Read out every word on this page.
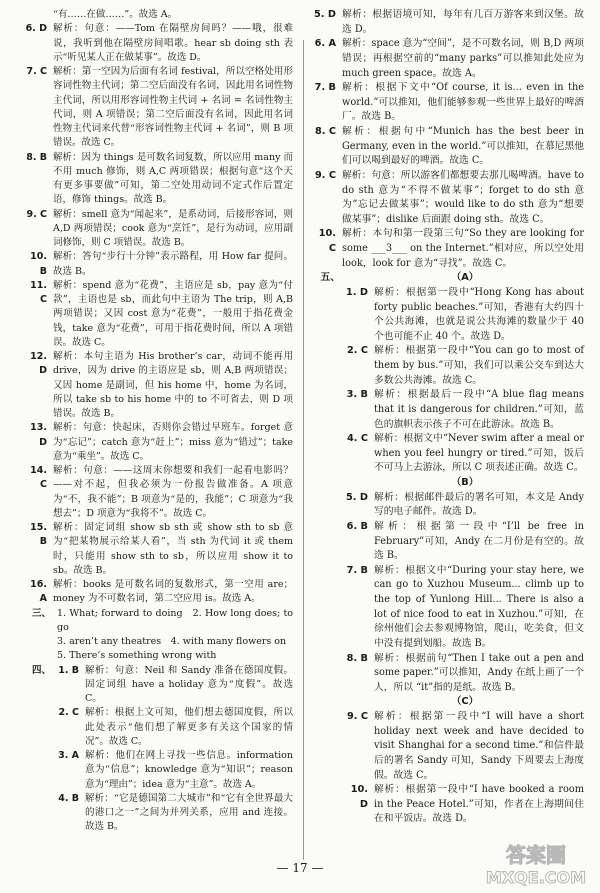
“有……在做……”。故选 A。
6. D 解析：句意：——Tom 在隔壁房间吗？——哦，很难说，我听到他在隔壁房间唱歌。hear sb doing sth 表示“听见某人正在做某事”。故选 D。
7. C 解析：第一空因为后面有名词 festival，所以空格处用形容词性物主代词；第二空后面没有名词，因此用名词性物主代词，所以用形容词性物主代词 + 名词 = 名词性物主代词，则 A 项错误；第二空后面没有名词，因此用名词性物主代词来代替“形容词性物主代词 + 名词”，则 B 项错误。故选 C。
8. B 解析：因为 things 是可数名词复数，所以应用 many 而不用 much 修饰，则 A,C 两项错误；根据句意“这个天有更多事要做”可知，第二空处用动词不定式作后置定语，修饰 things。故选 B。
9. C 解析：smell 意为“闻起来”，是系动词，后接形容词，则 A,D 两项错误；cook 意为“烹饪”，是行为动词，应用副词修饰，则 C 项错误。故选 B。
10. B
解析：答句“步行十分钟”表示路程，用 How far 提问。故选 B。
11. C
解析：spend 意为“花费”，主语应是 sb，pay 意为“付款”，主语也是 sb，而此句中主语为 The trip，则 A,B 两项错误；又因 cost 意为“花费”，一般用于指花费金钱，take 意为“花费”，可用于指花费时间，所以 A 项错误。故选 C。
12. D
解析：本句主语为 His brother’s car，动词不能再用 drive，因为 drive 的主语应是 sb，则 A,B 两项错误；又因 home 是副词，但 his home 中，home 为名词，所以 take sb to his home 中的 to 不可省去，则 D 项错误。故选 B。
13. D
解析：句意：快起床，否则你会错过早班车。forget 意为“忘记”；catch 意为“赶上”；miss 意为“错过”；take 意为“乘坐”。故选 C。
14. C
解析：句意：——这周末你想要和我们一起看电影吗？——对不起，但我必须为一份报告做准备。A 项意为“不，我不能”；B 项意为“是的，我能”；C 项意为“我想去”；D 项意为“我将不”。故选 C。
15. B
解析：固定词组 show sb sth 或 show sth to sb 意为“把某物展示给某人看”，当 sth 为代词 it 或 them 时，只能用 show sth to sb，所以应用 show it to sb。故选 B。
16. A
解析：books 是可数名词的复数形式，第一空用 are；money 为不可数名词，第二空应用 is。故选 A。
三、 1. What; forward to doing　2. How long does; to go
3. aren’t any theatres　4. with many flowers on
5. There’s something wrong with
四、 1. B 解析：句意：Neil 和 Sandy 准备在德国度假。固定词组 have a holiday 意为“度假”。故选 C。
2. C 解析：根据上文可知，他们想去德国度假，所以此处表示“他们想了解更多有关这个国家的情况”。故选 C。
3. A 解析：他们在网上寻找一些信息。information 意为“信息”；knowledge 意为“知识”；reason 意为“理由”；idea 意为“主意”。故选 A。
4. B 解析：“它是德国第二大城市”和“它有全世界最大的港口之一”之间为并列关系，应用 and 连接。故选 B。
5. D 解析：根据语境可知，每年有几百万游客来到汉堡。故选 D。
6. A 解析：space 意为“空间”，是不可数名词，则 B,D 两项错误；再根据空前的“many parks”可以推知此处应为 much green space。故选 A。
7. B 解析：根据下文中“Of course, it is... even in the world.”可以推知，他们能够参观一些世界上最好的啤酒厂。故选 B。
8. C 解析：根据句中“Munich has the best beer in Germany, even in the world.”可以推知，在慕尼黑他们可以喝到最好的啤酒。故选 C。
9. C 解析：句意：所以游客们都想要去那儿喝啤酒。have to do sth 意为“不得不做某事”；forget to do sth 意为“忘记去做某事”；would like to do sth 意为“想要做某事”；dislike 后面跟 doing sth。故选 C。
10. C
解析：本句和第一段第三句“So they are looking for some ___3___ on the Internet.”相对应，所以空处用 look，look for 意为“寻找”。故选 C。
五、	（A）
1. D 解析：根据第一段中“Hong Kong has about forty public beaches.”可知，香港有大约四十个公共海滩，也就是说公共海滩的数量少于 40 个也可能不止 40 个。故选 D。
2. C 解析：根据第一段中“You can go to most of them by bus.”可知，我们可以乘公交车到达大多数公共海滩。故选 C。
3. B 解析：根据最后一段中“A blue flag means that it is dangerous for children.”可知，蓝色的旗帜表示孩子不可在此游泳。故选 B。
4. C 解析：根据文中“Never swim after a meal or when you feel hungry or tired.”可知，饭后不可马上去游泳，所以 C 项表述正确。故选 C。
（B）
5. D 解析：根据邮件最后的署名可知，本文是 Andy 写的电子邮件。故选 D。
6. B 解析：根据第一段中“I’ll be free in February”可知，Andy 在二月份是有空的。故选 B。
7. B 解析：根据文中“During your stay here, we can go to Xuzhou Museum... climb up to the top of Yunlong Hill... There is also a lot of nice food to eat in Xuzhou.”可知，在徐州他们会去参观博物馆，爬山，吃美食，但文中没有提到划船。故选 B。
8. B 解析：根据前句“Then I take out a pen and some paper.”可以推知，Andy 在纸上画了一个人，所以 “it”指的是纸。故选 B。
（C）
9. C 解析：根据第一段中“I will have a short holiday next week and have decided to visit Shanghai for a second time.”和信件最后的署名 Sandy 可知，Sandy 下周要去上海度假。故选 C。
10. D
解析：根据第一段中“I have booked a room in the Peace Hotel.”可知，作者在上海期间住在和平饭店。故选 D。
— 17 —
答案圈
MXQE.COM
